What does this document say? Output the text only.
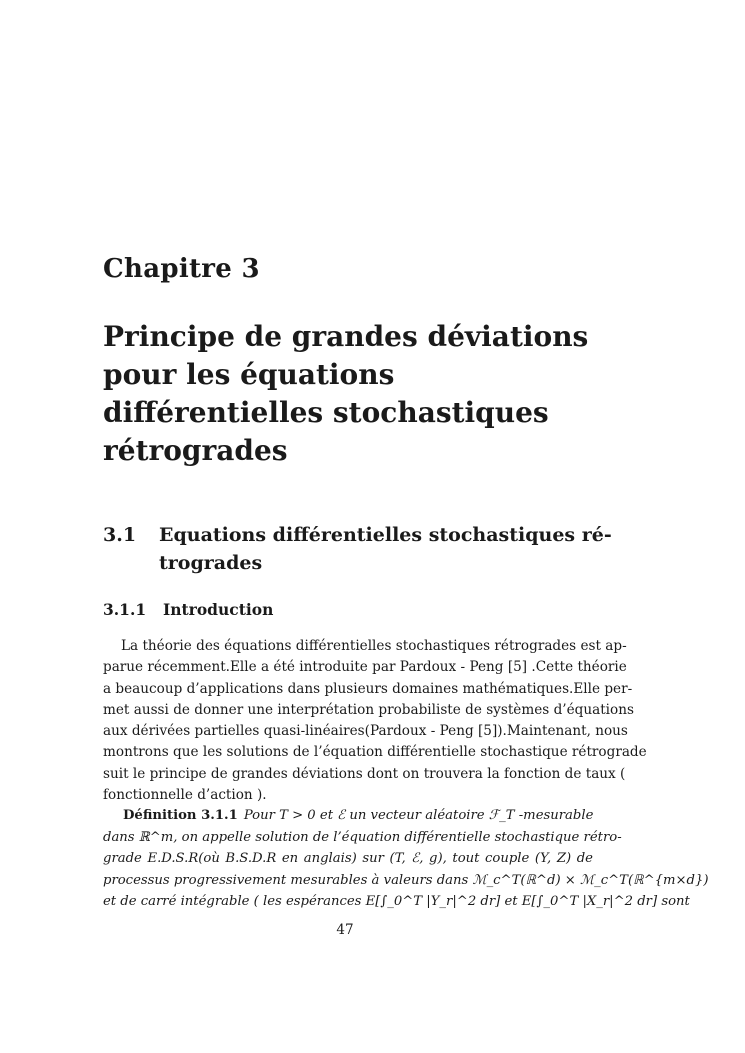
Chapitre 3
Principe de grandes déviations
pour les équations
différentielles stochastiques
rétrogrades
3.1 Equations différentielles stochastiques ré-
trogrades
3.1.1 Introduction
La théorie des équations différentielles stochastiques rétrogrades est ap-
parue récemment.Elle a été introduite par Pardoux - Peng [5] .Cette théorie
a beaucoup d’applications dans plusieurs domaines mathématiques.Elle per-
met aussi de donner une interprétation probabiliste de systèmes d’équations
aux dérivées partielles quasi-linéaires(Pardoux - Peng [5]).Maintenant, nous
montrons que les solutions de l’équation différentielle stochastique rétrograde
suit le principe de grandes déviations dont on trouvera la fonction de taux (
fonctionnelle d’action ).
Définition 3.1.1 Pour T > 0 et ℰ un vecteur aléatoire ℱ_T -mesurable
dans ℝ^m, on appelle solution de l’équation différentielle stochastique rétro-
grade E.D.S.R(où B.S.D.R en anglais) sur (T, ℰ, g), tout couple (Y, Z) de
processus progressivement mesurables à valeurs dans ℳ_c^T(ℝ^d) × ℳ_c^T(ℝ^{m×d})
et de carré intégrable ( les espérances E[∫_0^T |Y_r|^2 dr] et E[∫_0^T |X_r|^2 dr] sont
47
